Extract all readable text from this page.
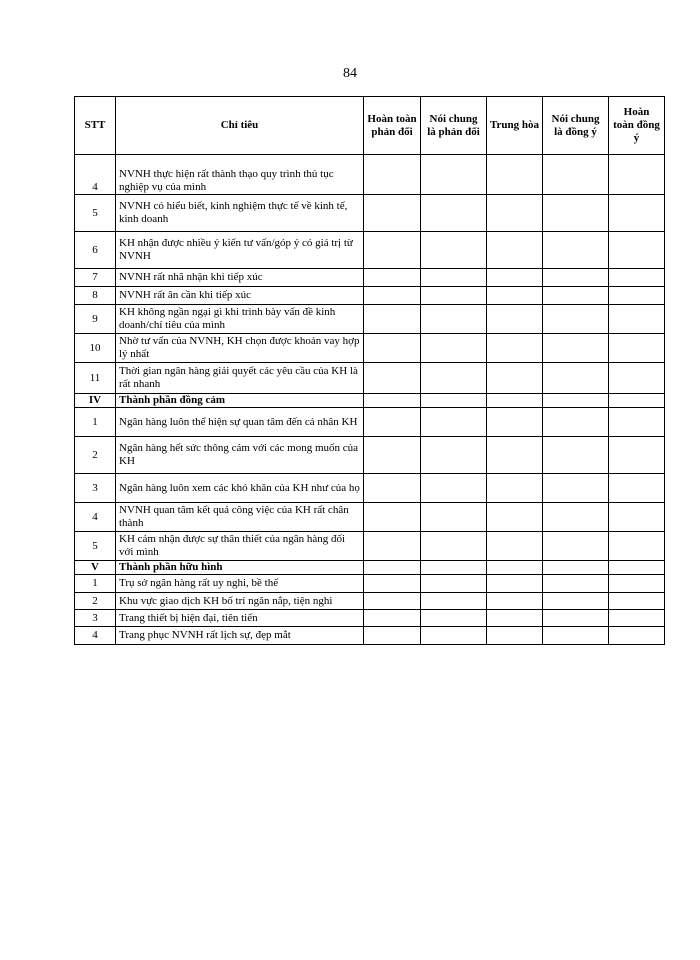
84
STT	Chỉ tiêu	Hoàn toàn phản đối	Nói chung là phản đối	Trung hòa	Nói chung là đồng ý	Hoàn toàn đồng ý
4	NVNH thực hiện rất thành thạo quy trình thủ tục nghiệp vụ của mình					
5	NVNH có hiểu biết, kinh nghiệm thực tế về kinh tế, kinh doanh					
6	KH nhận được nhiều ý kiến tư vấn/góp ý có giá trị từ NVNH					
7	NVNH rất nhã nhặn khi tiếp xúc					
8	NVNH rất ân cần khi tiếp xúc					
9	KH không ngần ngại gì khi trình bày vấn đề kinh doanh/chỉ tiêu của mình					
10	Nhờ tư vấn của NVNH, KH chọn được khoản vay hợp lý nhất					
11	Thời gian ngân hàng giải quyết các yêu cầu của KH là rất nhanh					
IV	Thành phần đồng cảm					
1	Ngân hàng luôn thể hiện sự quan tâm đến cá nhân KH					
2	Ngân hàng hết sức thông cảm với các mong muốn của KH					
3	Ngân hàng luôn xem các khó khăn của KH như của họ					
4	NVNH quan tâm kết quả công việc của KH rất chân thành					
5	KH cảm nhận được sự thân thiết của ngân hàng đối với mình					
V	Thành phần hữu hình					
1	Trụ sở ngân hàng rất uy nghi, bề thế					
2	Khu vực giao dịch KH bố trí ngăn nắp, tiện nghi					
3	Trang thiết bị hiện đại, tiên tiến					
4	Trang phục NVNH rất lịch sự, đẹp mắt					
